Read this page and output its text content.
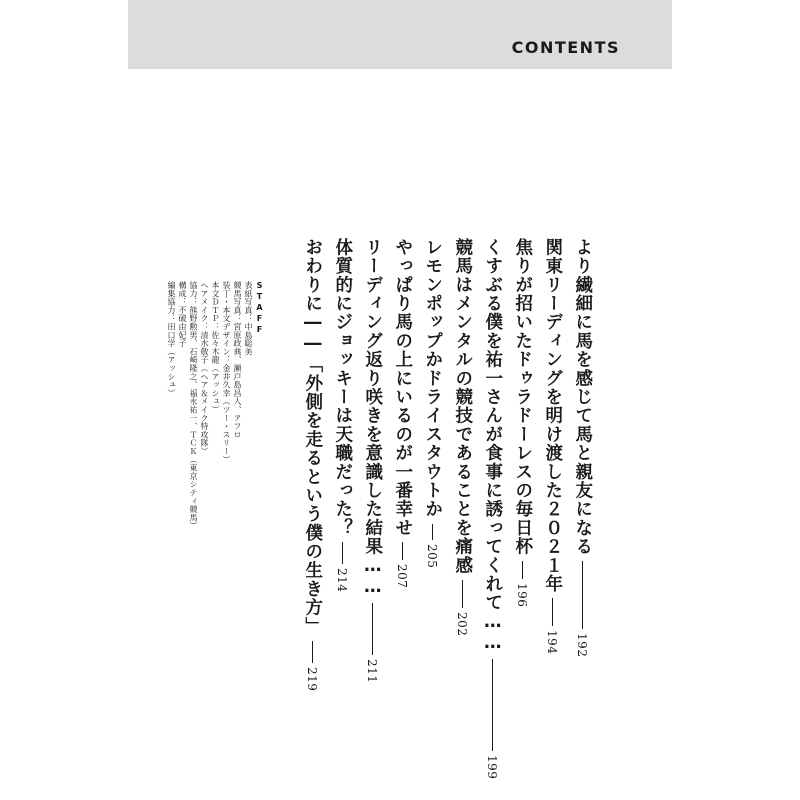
CONTENTS
より繊細に馬を感じて馬と親友になる
192
関東リーディングを明け渡した２０２１年
194
焦りが招いたドゥラドーレスの毎日杯
196
くすぶる僕を祐一さんが食事に誘ってくれて……
199
競馬はメンタルの競技であることを痛感
202
レモンポップかドライスタウトか
205
やっぱり馬の上にいるのが一番幸せ
207
リーディング返り咲きを意識した結果……
211
体質的にジョッキーは天職だった？
214
おわりに――「外側を走るという僕の生き方」
219
STAFF
表紙写真：中島聡美
競馬写真：宮原政典、瀬戸島昌人、アフロ
装丁・本文デザイン：金井久幸（ツー・スリー）
本文ＤＴＰ：佐々木龍（アッシュ）
ヘアメイク：清水敬子（ヘア＆メイク特攻隊）
協力：熊野勲男、石崎隆之、福永祐一、ＴＣＫ（東京シティ競馬）
構成：不破由妃子
編集協力：田口学（アッシュ）
